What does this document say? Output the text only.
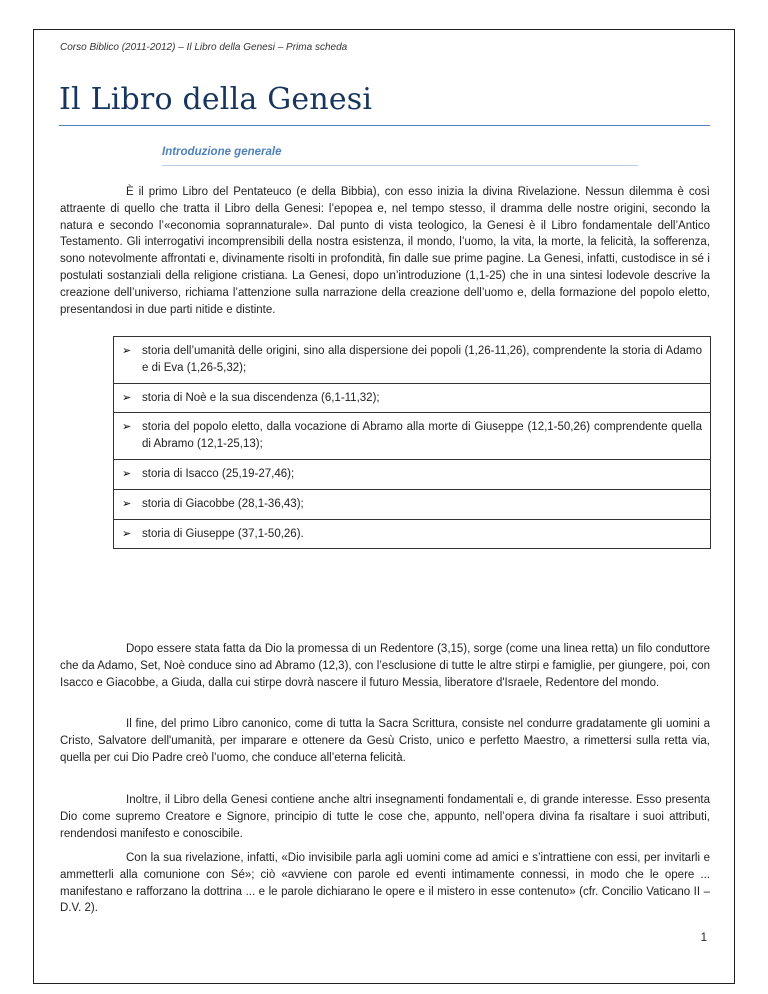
Corso Biblico (2011-2012) – Il Libro della Genesi – Prima scheda
Il Libro della Genesi
Introduzione generale

È il primo Libro del Pentateuco (e della Bibbia), con esso inizia la divina Rivelazione. Nessun dilemma è così attraente di quello che tratta il Libro della Genesi: l’epopea e, nel tempo stesso, il dramma delle nostre origini, secondo la natura e secondo l’«economia soprannaturale». Dal punto di vista teologico, la Genesi è il Libro fondamentale dell’Antico Testamento. Gli interrogativi incomprensibili della nostra esistenza, il mondo, l’uomo, la vita, la morte, la felicità, la sofferenza, sono notevolmente affrontati e, divinamente risolti in profondità, fin dalle sue prime pagine. La Genesi, infatti, custodisce in sé i postulati sostanziali della religione cristiana. La Genesi, dopo un’introduzione (1,1-25) che in una sintesi lodevole descrive la creazione dell’universo, richiama l’attenzione sulla narrazione della creazione dell’uomo e, della formazione del popolo eletto, presentandosi in due parti nitide e distinte.

➢ storia dell’umanità delle origini, sino alla dispersione dei popoli (1,26-11,26), comprendente la storia di Adamo e di Eva (1,26-5,32);

➢ storia di Noè e la sua discendenza (6,1-11,32);

➢ storia del popolo eletto, dalla vocazione di Abramo alla morte di Giuseppe (12,1-50,26) comprendente quella di Abramo (12,1-25,13);

➢ storia di Isacco (25,19-27,46);

➢ storia di Giacobbe (28,1-36,43);

➢ storia di Giuseppe (37,1-50,26).

Dopo essere stata fatta da Dio la promessa di un Redentore (3,15), sorge (come una linea retta) un filo conduttore che da Adamo, Set, Noè conduce sino ad Abramo (12,3), con l’esclusione di tutte le altre stirpi e famiglie, per giungere, poi, con Isacco e Giacobbe, a Giuda, dalla cui stirpe dovrà nascere il futuro Messia, liberatore d'Israele, Redentore del mondo.

Il fine, del primo Libro canonico, come di tutta la Sacra Scrittura, consiste nel condurre gradatamente gli uomini a Cristo, Salvatore dell'umanità, per imparare e ottenere da Gesù Cristo, unico e perfetto Maestro, a rimettersi sulla retta via, quella per cui Dio Padre creò l’uomo, che conduce all’eterna felicità.

Inoltre, il Libro della Genesi contiene anche altri insegnamenti fondamentali e, di grande interesse. Esso presenta Dio come supremo Creatore e Signore, principio di tutte le cose che, appunto, nell’opera divina fa risaltare i suoi attributi, rendendosi manifesto e conoscibile.

Con la sua rivelazione, infatti, «Dio invisibile parla agli uomini come ad amici e s’intrattiene con essi, per invitarli e ammetterli alla comunione con Sé»; ciò «avviene con parole ed eventi intimamente connessi, in modo che le opere ... manifestano e rafforzano la dottrina ... e le parole dichiarano le opere e il mistero in esse contenuto» (cfr. Concilio Vaticano II – D.V. 2).

1
